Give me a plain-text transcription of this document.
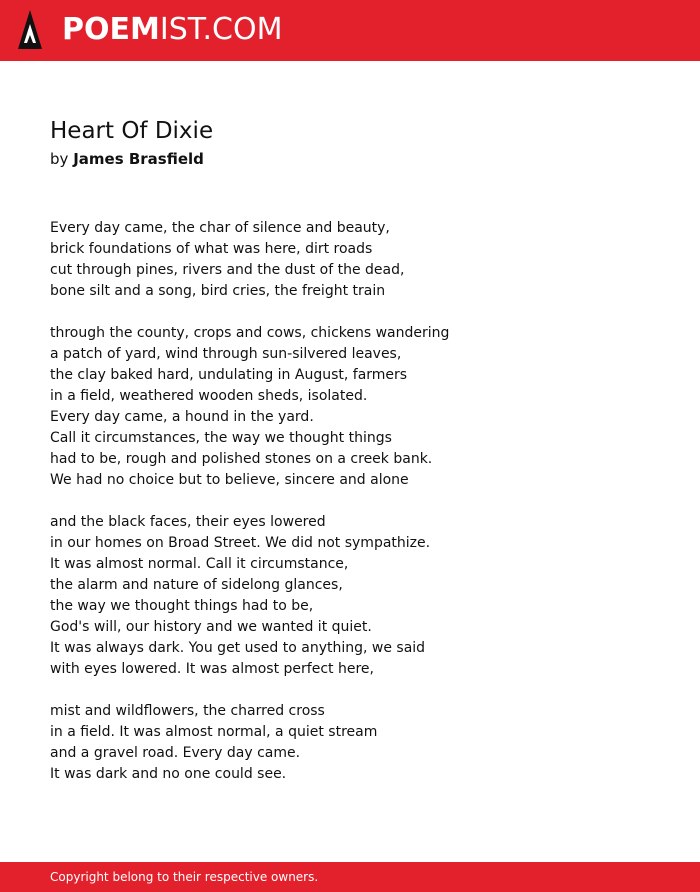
POEMIST.COM
Heart Of Dixie
by James Brasfield
Every day came, the char of silence and beauty,
brick foundations of what was here, dirt roads
cut through pines, rivers and the dust of the dead,
bone silt and a song, bird cries, the freight train
through the county, crops and cows, chickens wandering
a patch of yard, wind through sun-silvered leaves,
the clay baked hard, undulating in August, farmers
in a field, weathered wooden sheds, isolated.
Every day came, a hound in the yard.
Call it circumstances, the way we thought things
had to be, rough and polished stones on a creek bank.
We had no choice but to believe, sincere and alone
and the black faces, their eyes lowered
in our homes on Broad Street. We did not sympathize.
It was almost normal. Call it circumstance,
the alarm and nature of sidelong glances,
the way we thought things had to be,
God's will, our history and we wanted it quiet.
It was always dark. You get used to anything, we said
with eyes lowered. It was almost perfect here,
mist and wildflowers, the charred cross
in a field. It was almost normal, a quiet stream
and a gravel road. Every day came.
It was dark and no one could see.
Copyright belong to their respective owners.
